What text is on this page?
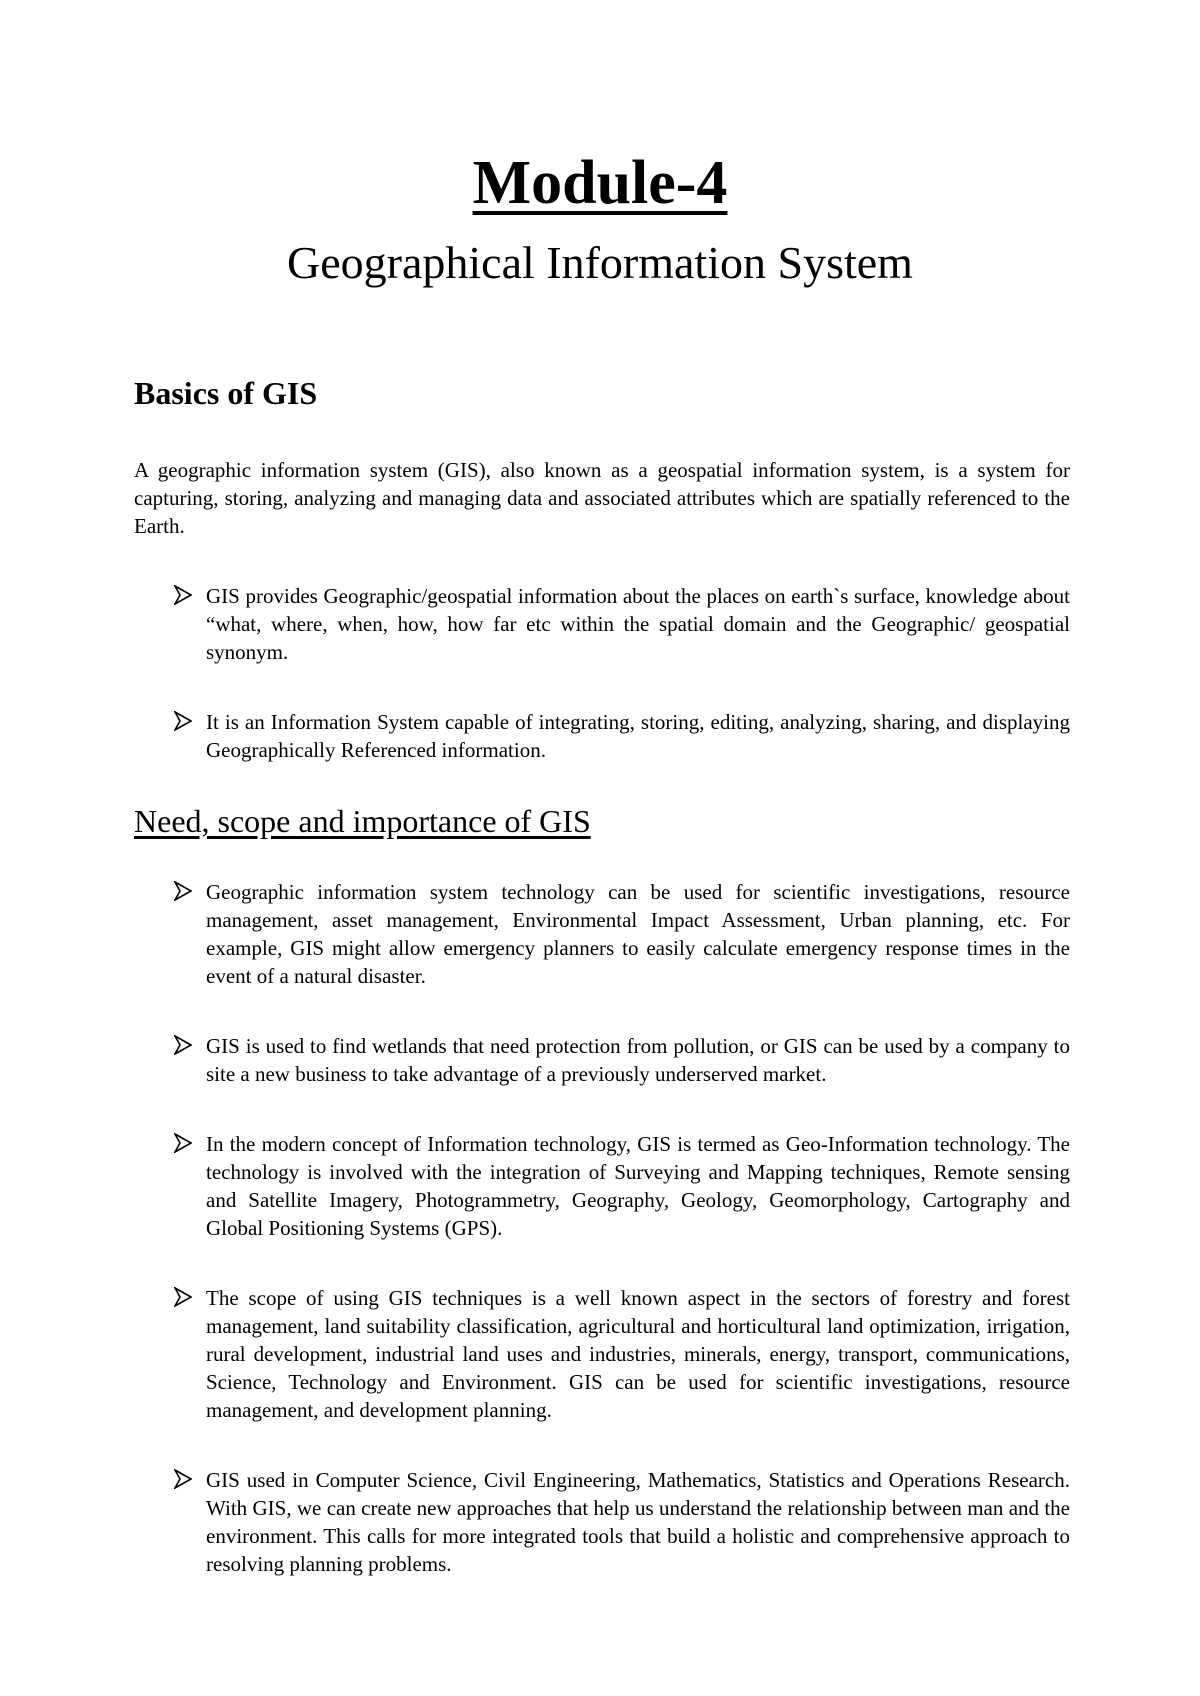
Module-4
Geographical Information System
Basics of GIS

A geographic information system (GIS), also known as a geospatial information system, is a system for capturing, storing, analyzing and managing data and associated attributes which are spatially referenced to the Earth.

GIS provides Geographic/geospatial information about the places on earth`s surface, knowledge about “what, where, when, how, how far etc within the spatial domain and the Geographic/ geospatial synonym.

It is an Information System capable of integrating, storing, editing, analyzing, sharing, and displaying Geographically Referenced information.

Need, scope and importance of GIS

Geographic information system technology can be used for scientific investigations, resource management, asset management, Environmental Impact Assessment, Urban planning, etc. For example, GIS might allow emergency planners to easily calculate emergency response times in the event of a natural disaster.

GIS is used to find wetlands that need protection from pollution, or GIS can be used by a company to site a new business to take advantage of a previously underserved market.

In the modern concept of Information technology, GIS is termed as Geo-Information technology. The technology is involved with the integration of Surveying and Mapping techniques, Remote sensing and Satellite Imagery, Photogrammetry, Geography, Geology, Geomorphology, Cartography and Global Positioning Systems (GPS).

The scope of using GIS techniques is a well known aspect in the sectors of forestry and forest management, land suitability classification, agricultural and horticultural land optimization, irrigation, rural development, industrial land uses and industries, minerals, energy, transport, communications, Science, Technology and Environment. GIS can be used for scientific investigations, resource management, and development planning.

GIS used in Computer Science, Civil Engineering, Mathematics, Statistics and Operations Research. With GIS, we can create new approaches that help us understand the relationship between man and the environment. This calls for more integrated tools that build a holistic and comprehensive approach to resolving planning problems.
